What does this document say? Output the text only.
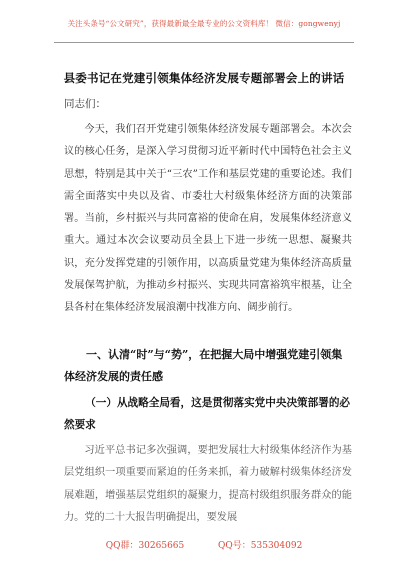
关注头条号“公文研究”，获得最新最全最专业的公文资料库！ 微信：gongwenyj
县委书记在党建引领集体经济发展专题部署会上的讲话
同志们：

今天，我们召开党建引领集体经济发展专题部署会。本次会议的核心任务，是深入学习贯彻习近平新时代中国特色社会主义思想，特别是其中关于“三农”工作和基层党建的重要论述。我们需全面落实中央以及省、市委壮大村级集体经济方面的决策部署。当前，乡村振兴与共同富裕的使命在肩，发展集体经济意义重大。通过本次会议要动员全县上下进一步统一思想、凝聚共识，充分发挥党建的引领作用，以高质量党建为集体经济高质量发展保驾护航，为推动乡村振兴、实现共同富裕筑牢根基，让全县各村在集体经济发展浪潮中找准方向、阔步前行。

一、认清“时”与“势”，在把握大局中增强党建引领集体经济发展的责任感

（一）从战略全局看，这是贯彻落实党中央决策部署的必然要求

习近平总书记多次强调，要把发展壮大村级集体经济作为基层党组织一项重要而紧迫的任务来抓，着力破解村级集体经济发展难题，增强基层党组织的凝聚力，提高村级组织服务群众的能力。党的二十大报告明确提出，要发展

QQ群：30265665	QQ号：535304092
